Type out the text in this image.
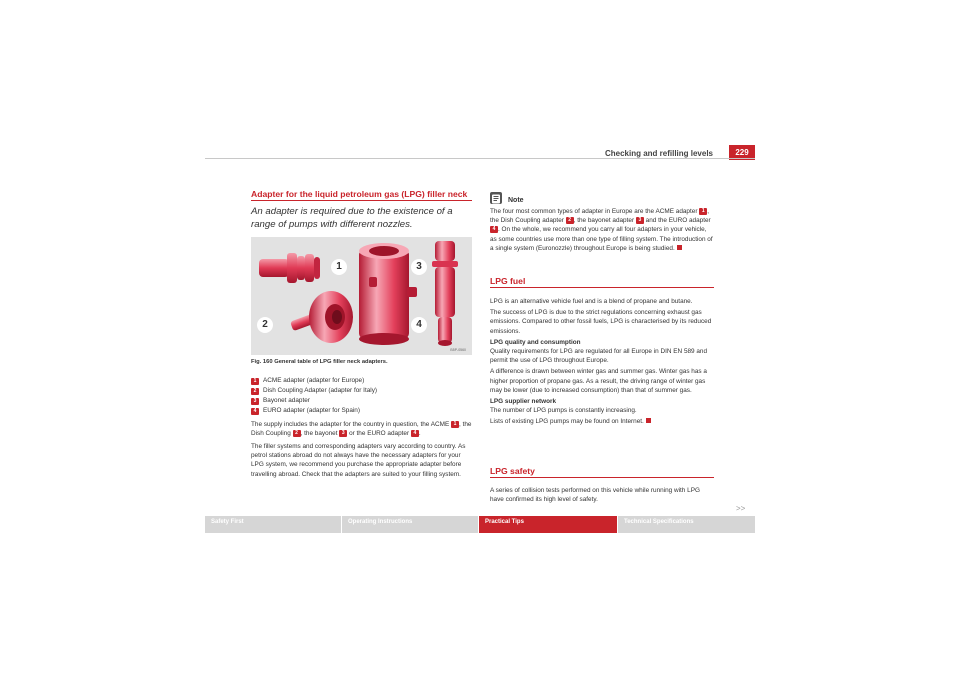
Checking and refilling levels	229
Adapter for the liquid petroleum gas (LPG) filler neck
An adapter is required due to the existence of a range of pumps with different nozzles.
1
2
3
4
B5P-0560
Fig. 160 General table of LPG filler neck adapters.
1	ACME adapter (adapter for Europe)
2	Dish Coupling Adapter (adapter for Italy)
3	Bayonet adapter
4	EURO adapter (adapter for Spain)

The supply includes the adapter for the country in question, the ACME 1 , the Dish Coupling 2 , the bayonet 3 or the EURO adapter 4 .

The filler systems and corresponding adapters vary according to country. As petrol stations abroad do not always have the necessary adapters for your LPG system, we recommend you purchase the appropriate adapter before travelling abroad. Check that the adapters are suited to your filling system.

Note

The four most common types of adapter in Europe are the ACME adapter 1 , the Dish Coupling adapter 2 , the bayonet adapter 3 and the EURO adapter 4 . On the whole, we recommend you carry all four adapters in your vehicle, as some countries use more than one type of filling system. The introduction of a single system (Euronozzle) throughout Europe is being studied.

LPG fuel

LPG is an alternative vehicle fuel and is a blend of propane and butane.

The success of LPG is due to the strict regulations concerning exhaust gas emissions. Compared to other fossil fuels, LPG is characterised by its reduced emissions.

LPG quality and consumption

Quality requirements for LPG are regulated for all Europe in DIN EN 589 and permit the use of LPG throughout Europe.

A difference is drawn between winter gas and summer gas. Winter gas has a higher proportion of propane gas. As a result, the driving range of winter gas may be lower (due to increased consumption) than that of summer gas.

LPG supplier network

The number of LPG pumps is constantly increasing.

Lists of existing LPG pumps may be found on Internet.

LPG safety

A series of collision tests performed on this vehicle while running with LPG have confirmed its high level of safety.

>>
Safety First	Operating Instructions	Practical Tips	Technical Specifications
